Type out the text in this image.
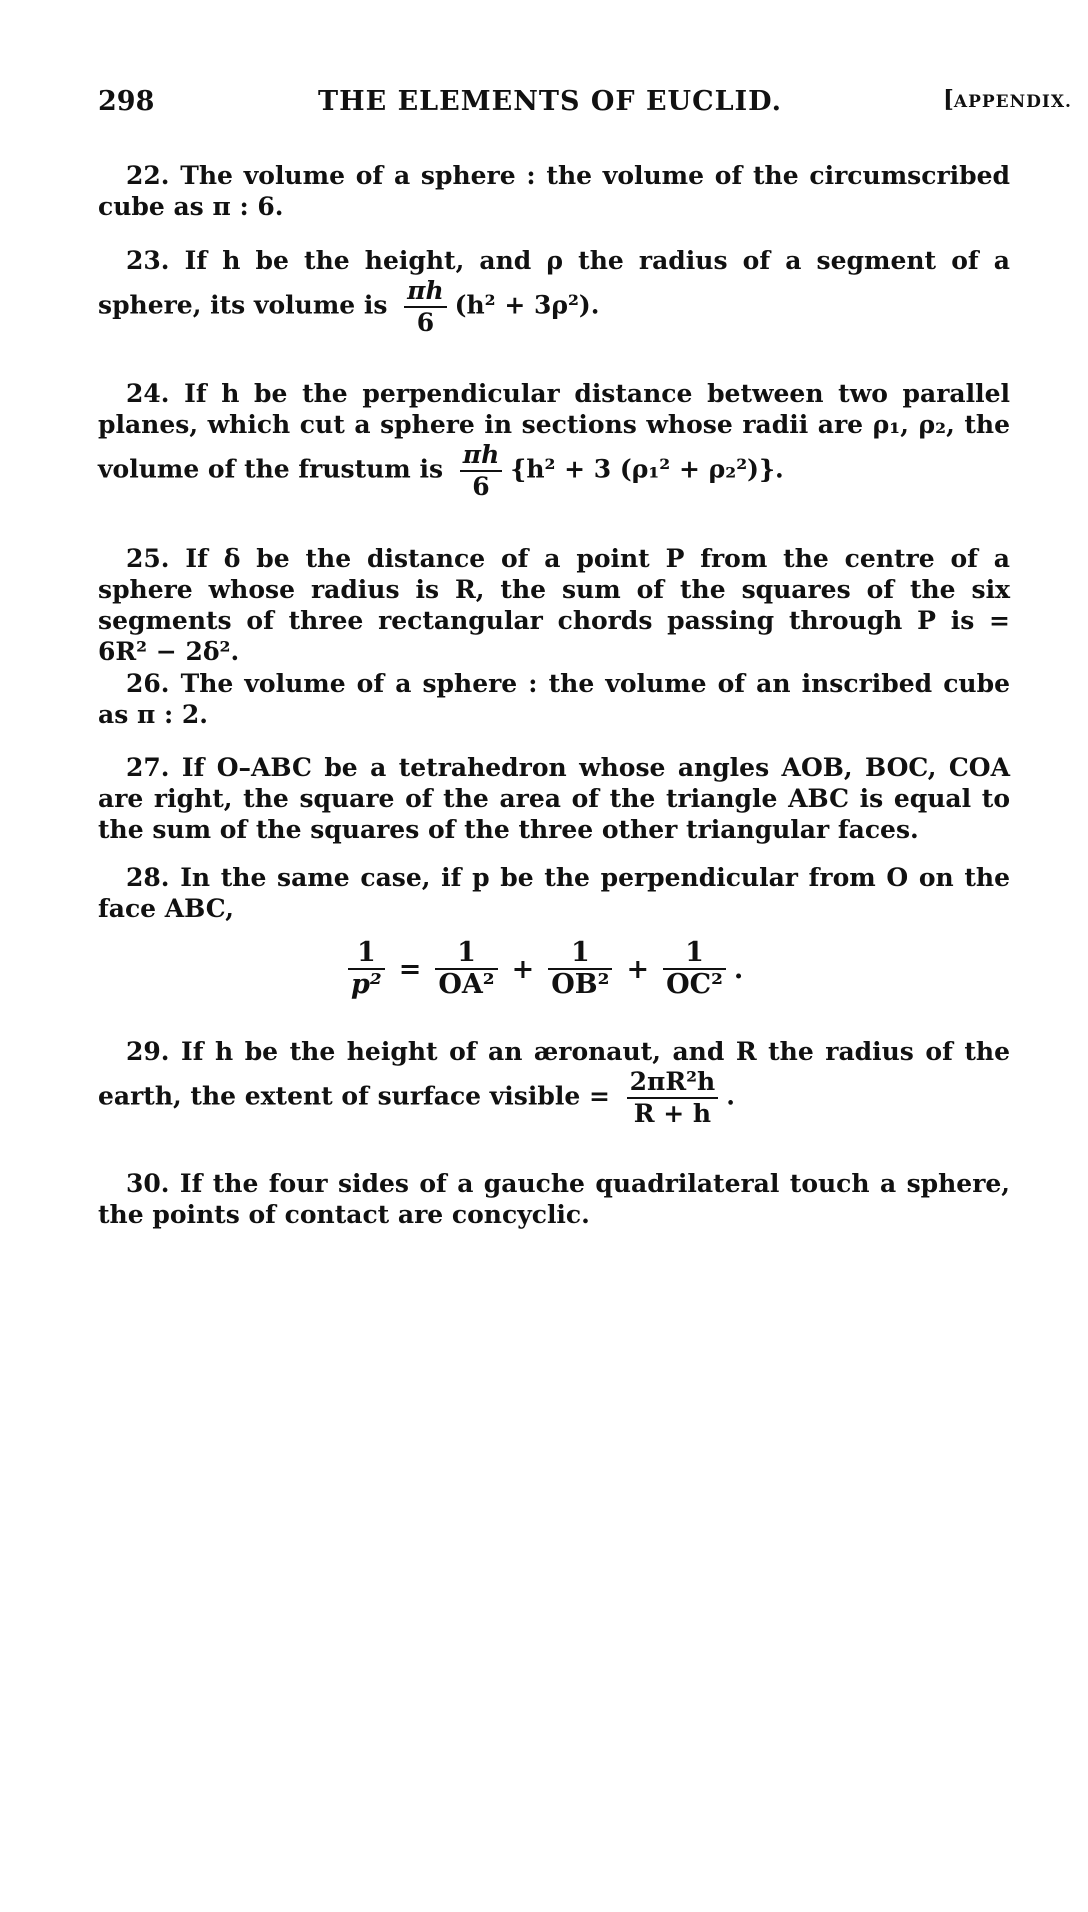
298	THE ELEMENTS OF EUCLID.	[APPENDIX.

22. The volume of a sphere : the volume of the circumscribed cube as π : 6.

23. If h be the height, and ρ the radius of a segment of a sphere, its volume is $\frac{\pi h}{6} (h^2 + 3\rho^2)$.

24. If h be the perpendicular distance between two parallel planes, which cut a sphere in sections whose radii are ρ₁, ρ₂, the volume of the frustum is $\frac{\pi h}{6} \{h^2 + 3$ (ρ₁² + ρ₂²)}.

25. If δ be the distance of a point P from the centre of a sphere whose radius is R, the sum of the squares of the six segments of three rectangular chords passing through P is = 6R² − 2δ².

26. The volume of a sphere : the volume of an inscribed cube as π : 2.

27. If O–ABC be a tetrahedron whose angles AOB, BOC, COA are right, the square of the area of the triangle ABC is equal to the sum of the squares of the three other triangular faces.

28. In the same case, if p be the perpendicular from O on the face ABC,

$\frac{1}{\text{p²}} = \frac{1}{\text{OA²}} + \frac{1}{\text{OB²}} + \frac{1}{\text{OC²}}$ .

29. If h be the height of an æronaut, and R the radius of the earth, the extent of surface visible = $\frac{\text{2πR²h}}{R + h}$ .

30. If the four sides of a gauche quadrilateral touch a sphere, the points of contact are concyclic.
